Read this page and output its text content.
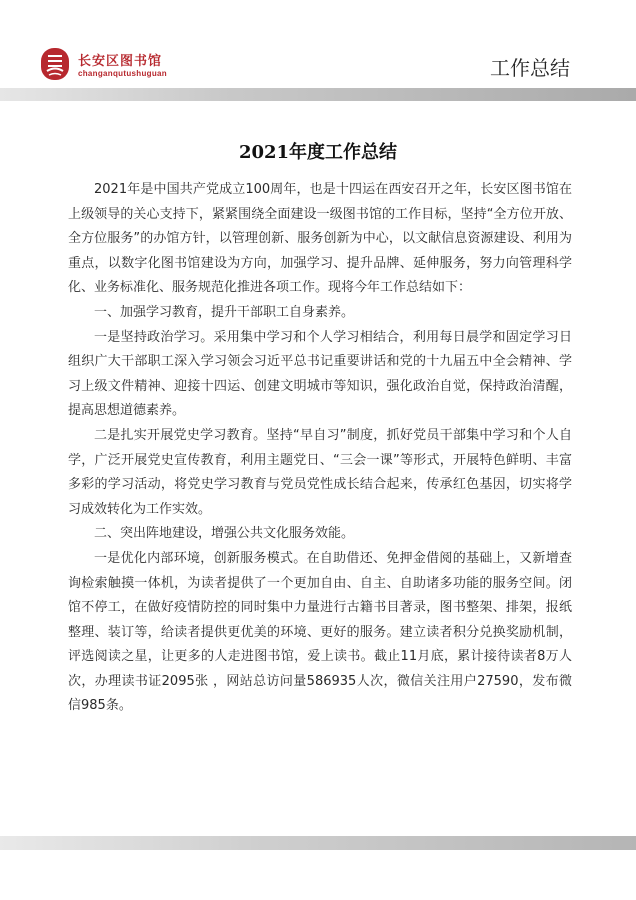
长安区图书馆
changanqutushuguan	工作总结
2021年度工作总结

2021年是中国共产党成立100周年，也是十四运在西安召开之年，长安区图书馆在上级领导的关心支持下，紧紧围绕全面建设一级图书馆的工作目标，坚持“全方位开放、全方位服务”的办馆方针，以管理创新、服务创新为中心，以文献信息资源建设、利用为重点，以数字化图书馆建设为方向，加强学习、提升品牌、延伸服务，努力向管理科学化、业务标准化、服务规范化推进各项工作。现将今年工作总结如下：

一、加强学习教育，提升干部职工自身素养。

一是坚持政治学习。采用集中学习和个人学习相结合，利用每日晨学和固定学习日组织广大干部职工深入学习领会习近平总书记重要讲话和党的十九届五中全会精神、学习上级文件精神、迎接十四运、创建文明城市等知识，强化政治自觉，保持政治清醒，提高思想道德素养。

二是扎实开展党史学习教育。坚持“早自习”制度，抓好党员干部集中学习和个人自学，广泛开展党史宣传教育，利用主题党日、“三会一课”等形式，开展特色鲜明、丰富多彩的学习活动，将党史学习教育与党员党性成长结合起来，传承红色基因，切实将学习成效转化为工作实效。

二、突出阵地建设，增强公共文化服务效能。

一是优化内部环境，创新服务模式。在自助借还、免押金借阅的基础上，又新增查询检索触摸一体机，为读者提供了一个更加自由、自主、自助诸多功能的服务空间。闭馆不停工，在做好疫情防控的同时集中力量进行古籍书目著录，图书整架、排架，报纸整理、装订等，给读者提供更优美的环境、更好的服务。建立读者积分兑换奖励机制，评选阅读之星，让更多的人走进图书馆，爱上读书。截止11月底，累计接待读者8万人次，办理读书证2095张 ，网站总访问量586935人次，微信关注用户27590，发布微信985条。
